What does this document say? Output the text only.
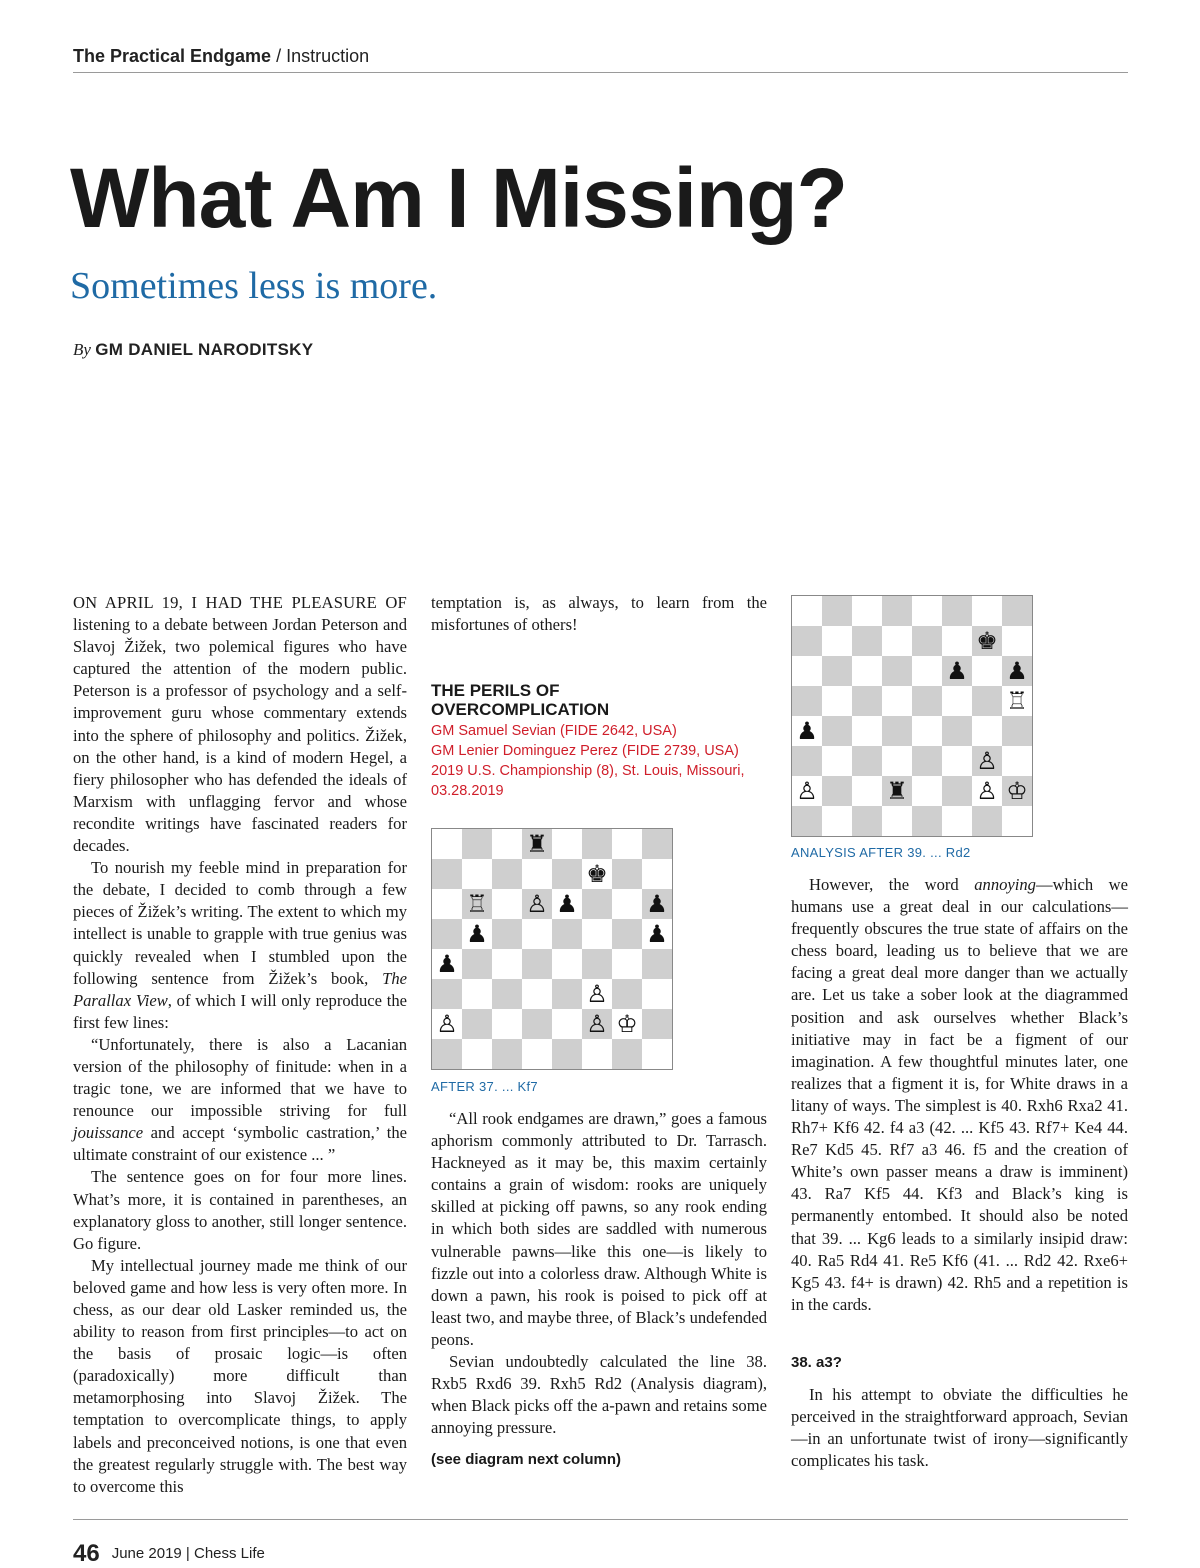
The Practical Endgame / Instruction
What Am I Missing?
Sometimes less is more.
By GM DANIEL NARODITSKY

ON APRIL 19, I HAD THE PLEASURE OF listening to a debate between Jordan Peterson and Slavoj Žižek, two polemical figures who have captured the attention of the modern public. Peterson is a professor of psychology and a self-improvement guru whose commentary extends into the sphere of philosophy and politics. Žižek, on the other hand, is a kind of modern Hegel, a fiery philosopher who has defended the ideals of Marxism with unflagging fervor and whose recondite writings have fascinated readers for decades.

To nourish my feeble mind in preparation for the debate, I decided to comb through a few pieces of Žižek’s writing. The extent to which my intellect is unable to grapple with true genius was quickly revealed when I stumbled upon the following sentence from Žižek’s book, The Parallax View, of which I will only reproduce the first few lines:

“Unfortunately, there is also a Lacanian version of the philosophy of finitude: when in a tragic tone, we are informed that we have to renounce our impossible striving for full jouissance and accept ‘symbolic castration,’ the ultimate constraint of our existence ... ”

The sentence goes on for four more lines. What’s more, it is contained in parentheses, an explanatory gloss to another, still longer sentence. Go figure.

My intellectual journey made me think of our beloved game and how less is very often more. In chess, as our dear old Lasker reminded us, the ability to reason from first principles—to act on the basis of prosaic logic—is often (paradoxically) more difficult than metamorphosing into Slavoj Žižek. The temptation to overcomplicate things, to apply labels and preconceived notions, is one that even the greatest regularly struggle with. The best way to overcome this

temptation is, as always, to learn from the misfortunes of others!

THE PERILS OF OVERCOMPLICATION
GM Samuel Sevian (FIDE 2642, USA)
GM Lenier Dominguez Perez (FIDE 2739, USA)
2019 U.S. Championship (8), St. Louis, Missouri, 03.28.2019
♜
♚
♖ ♙ ♟	♟
♟	♟
♟
♙
♙	♙ ♔
AFTER 37. ... Kf7

“All rook endgames are drawn,” goes a famous aphorism commonly attributed to Dr. Tarrasch. Hackneyed as it may be, this maxim certainly contains a grain of wisdom: rooks are uniquely skilled at picking off pawns, so any rook ending in which both sides are saddled with numerous vulnerable pawns—like this one—is likely to fizzle out into a colorless draw. Although White is down a pawn, his rook is poised to pick off at least two, and maybe three, of Black’s undefended peons.

Sevian undoubtedly calculated the line 38. Rxb5 Rxd6 39. Rxh5 Rd2 (Analysis diagram), when Black picks off the a-pawn and retains some annoying pressure.

(see diagram next column)
♚
♟ ♟
♖
♟
♙
♙	♜	♙ ♔
ANALYSIS AFTER 39. ... Rd2

However, the word annoying—which we humans use a great deal in our calculations—frequently obscures the true state of affairs on the chess board, leading us to believe that we are facing a great deal more danger than we actually are. Let us take a sober look at the diagrammed position and ask ourselves whether Black’s initiative may in fact be a figment of our imagination. A few thoughtful minutes later, one realizes that a figment it is, for White draws in a litany of ways. The simplest is 40. Rxh6 Rxa2 41. Rh7+ Kf6 42. f4 a3 (42. ... Kf5 43. Rf7+ Ke4 44. Re7 Kd5 45. Rf7 a3 46. f5 and the creation of White’s own passer means a draw is imminent) 43. Ra7 Kf5 44. Kf3 and Black’s king is permanently entombed. It should also be noted that 39. ... Kg6 leads to a similarly insipid draw: 40. Ra5 Rd4 41. Re5 Kf6 (41. ... Rd2 42. Rxe6+ Kg5 43. f4+ is drawn) 42. Rh5 and a repetition is in the cards.

38. a3?

In his attempt to obviate the difficulties he perceived in the straightforward approach, Sevian—in an unfortunate twist of irony—significantly complicates his task.

46 June 2019 | Chess Life
